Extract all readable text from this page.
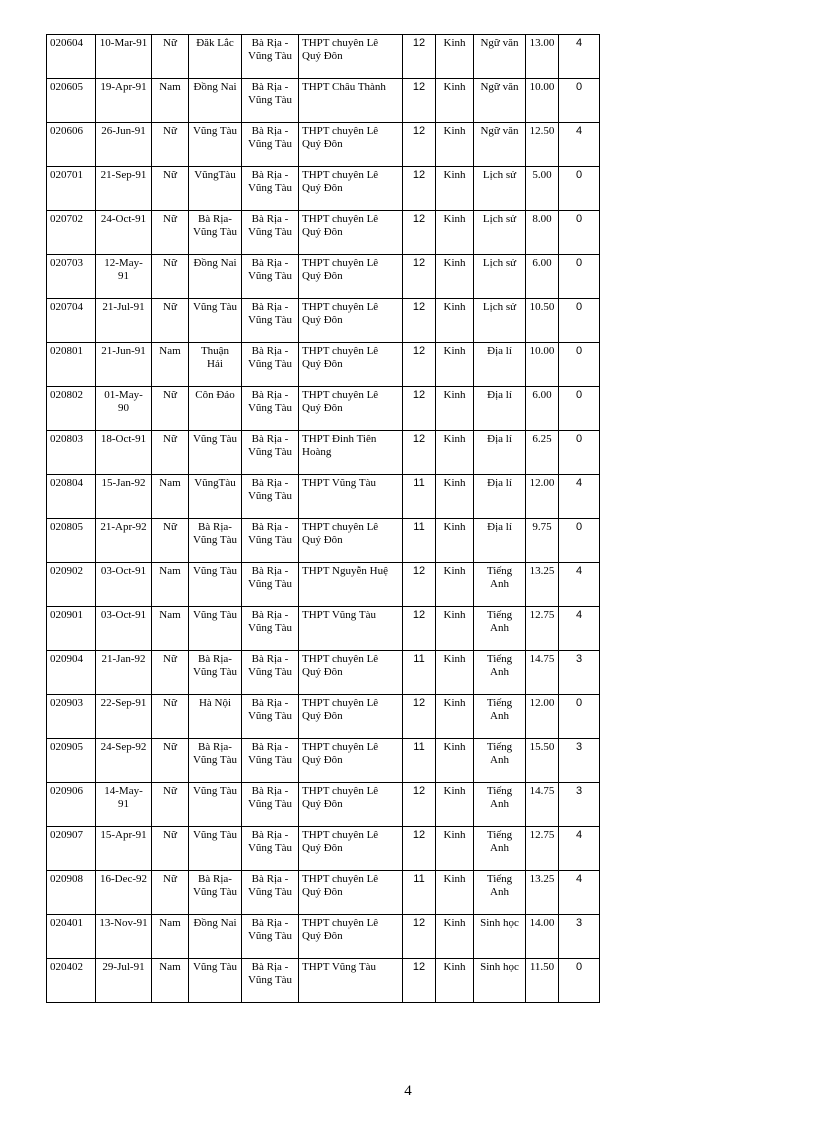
020604	10-Mar-91	Nữ	Đăk Lắc	Bà Rịa - Vũng Tàu	THPT chuyên Lê Quý Đôn	12	Kinh	Ngữ văn	13.00	4
020605	19-Apr-91	Nam	Đồng Nai	Bà Rịa - Vũng Tàu	THPT Châu Thành	12	Kinh	Ngữ văn	10.00	0
020606	26-Jun-91	Nữ	Vũng Tàu	Bà Rịa - Vũng Tàu	THPT chuyên Lê Quý Đôn	12	Kinh	Ngữ văn	12.50	4
020701	21-Sep-91	Nữ	VũngTàu	Bà Rịa - Vũng Tàu	THPT chuyên Lê Quý Đôn	12	Kinh	Lịch sử	5.00	0
020702	24-Oct-91	Nữ	Bà Rịa-Vũng Tàu	Bà Rịa - Vũng Tàu	THPT chuyên Lê Quý Đôn	12	Kinh	Lịch sử	8.00	0
020703	12-May-91	Nữ	Đồng Nai	Bà Rịa - Vũng Tàu	THPT chuyên Lê Quý Đôn	12	Kinh	Lịch sử	6.00	0
020704	21-Jul-91	Nữ	Vũng Tàu	Bà Rịa - Vũng Tàu	THPT chuyên Lê Quý Đôn	12	Kinh	Lịch sử	10.50	0
020801	21-Jun-91	Nam	Thuận Hải	Bà Rịa - Vũng Tàu	THPT chuyên Lê Quý Đôn	12	Kinh	Địa lí	10.00	0
020802	01-May-90	Nữ	Côn Đảo	Bà Rịa - Vũng Tàu	THPT chuyên Lê Quý Đôn	12	Kinh	Địa lí	6.00	0
020803	18-Oct-91	Nữ	Vũng Tàu	Bà Rịa - Vũng Tàu	THPT Đinh Tiên Hoàng	12	Kinh	Địa lí	6.25	0
020804	15-Jan-92	Nam	VũngTàu	Bà Rịa - Vũng Tàu	THPT Vũng Tàu	11	Kinh	Địa lí	12.00	4
020805	21-Apr-92	Nữ	Bà Rịa-Vũng Tàu	Bà Rịa - Vũng Tàu	THPT chuyên Lê Quý Đôn	11	Kinh	Địa lí	9.75	0
020902	03-Oct-91	Nam	Vũng Tàu	Bà Rịa - Vũng Tàu	THPT Nguyễn Huệ	12	Kinh	Tiếng Anh	13.25	4
020901	03-Oct-91	Nam	Vũng Tàu	Bà Rịa - Vũng Tàu	THPT Vũng Tàu	12	Kinh	Tiếng Anh	12.75	4
020904	21-Jan-92	Nữ	Bà Rịa-Vũng Tàu	Bà Rịa - Vũng Tàu	THPT chuyên Lê Quý Đôn	11	Kinh	Tiếng Anh	14.75	3
020903	22-Sep-91	Nữ	Hà Nội	Bà Rịa - Vũng Tàu	THPT chuyên Lê Quý Đôn	12	Kinh	Tiếng Anh	12.00	0
020905	24-Sep-92	Nữ	Bà Rịa-Vũng Tàu	Bà Rịa - Vũng Tàu	THPT chuyên Lê Quý Đôn	11	Kinh	Tiếng Anh	15.50	3
020906	14-May-91	Nữ	Vũng Tàu	Bà Rịa - Vũng Tàu	THPT chuyên Lê Quý Đôn	12	Kinh	Tiếng Anh	14.75	3
020907	15-Apr-91	Nữ	Vũng Tàu	Bà Rịa - Vũng Tàu	THPT chuyên Lê Quý Đôn	12	Kinh	Tiếng Anh	12.75	4
020908	16-Dec-92	Nữ	Bà Rịa-Vũng Tàu	Bà Rịa - Vũng Tàu	THPT chuyên Lê Quý Đôn	11	Kinh	Tiếng Anh	13.25	4
020401	13-Nov-91	Nam	Đồng Nai	Bà Rịa - Vũng Tàu	THPT chuyên Lê Quý Đôn	12	Kinh	Sinh học	14.00	3
020402	29-Jul-91	Nam	Vũng Tàu	Bà Rịa - Vũng Tàu	THPT Vũng Tàu	12	Kinh	Sinh học	11.50	0
4
